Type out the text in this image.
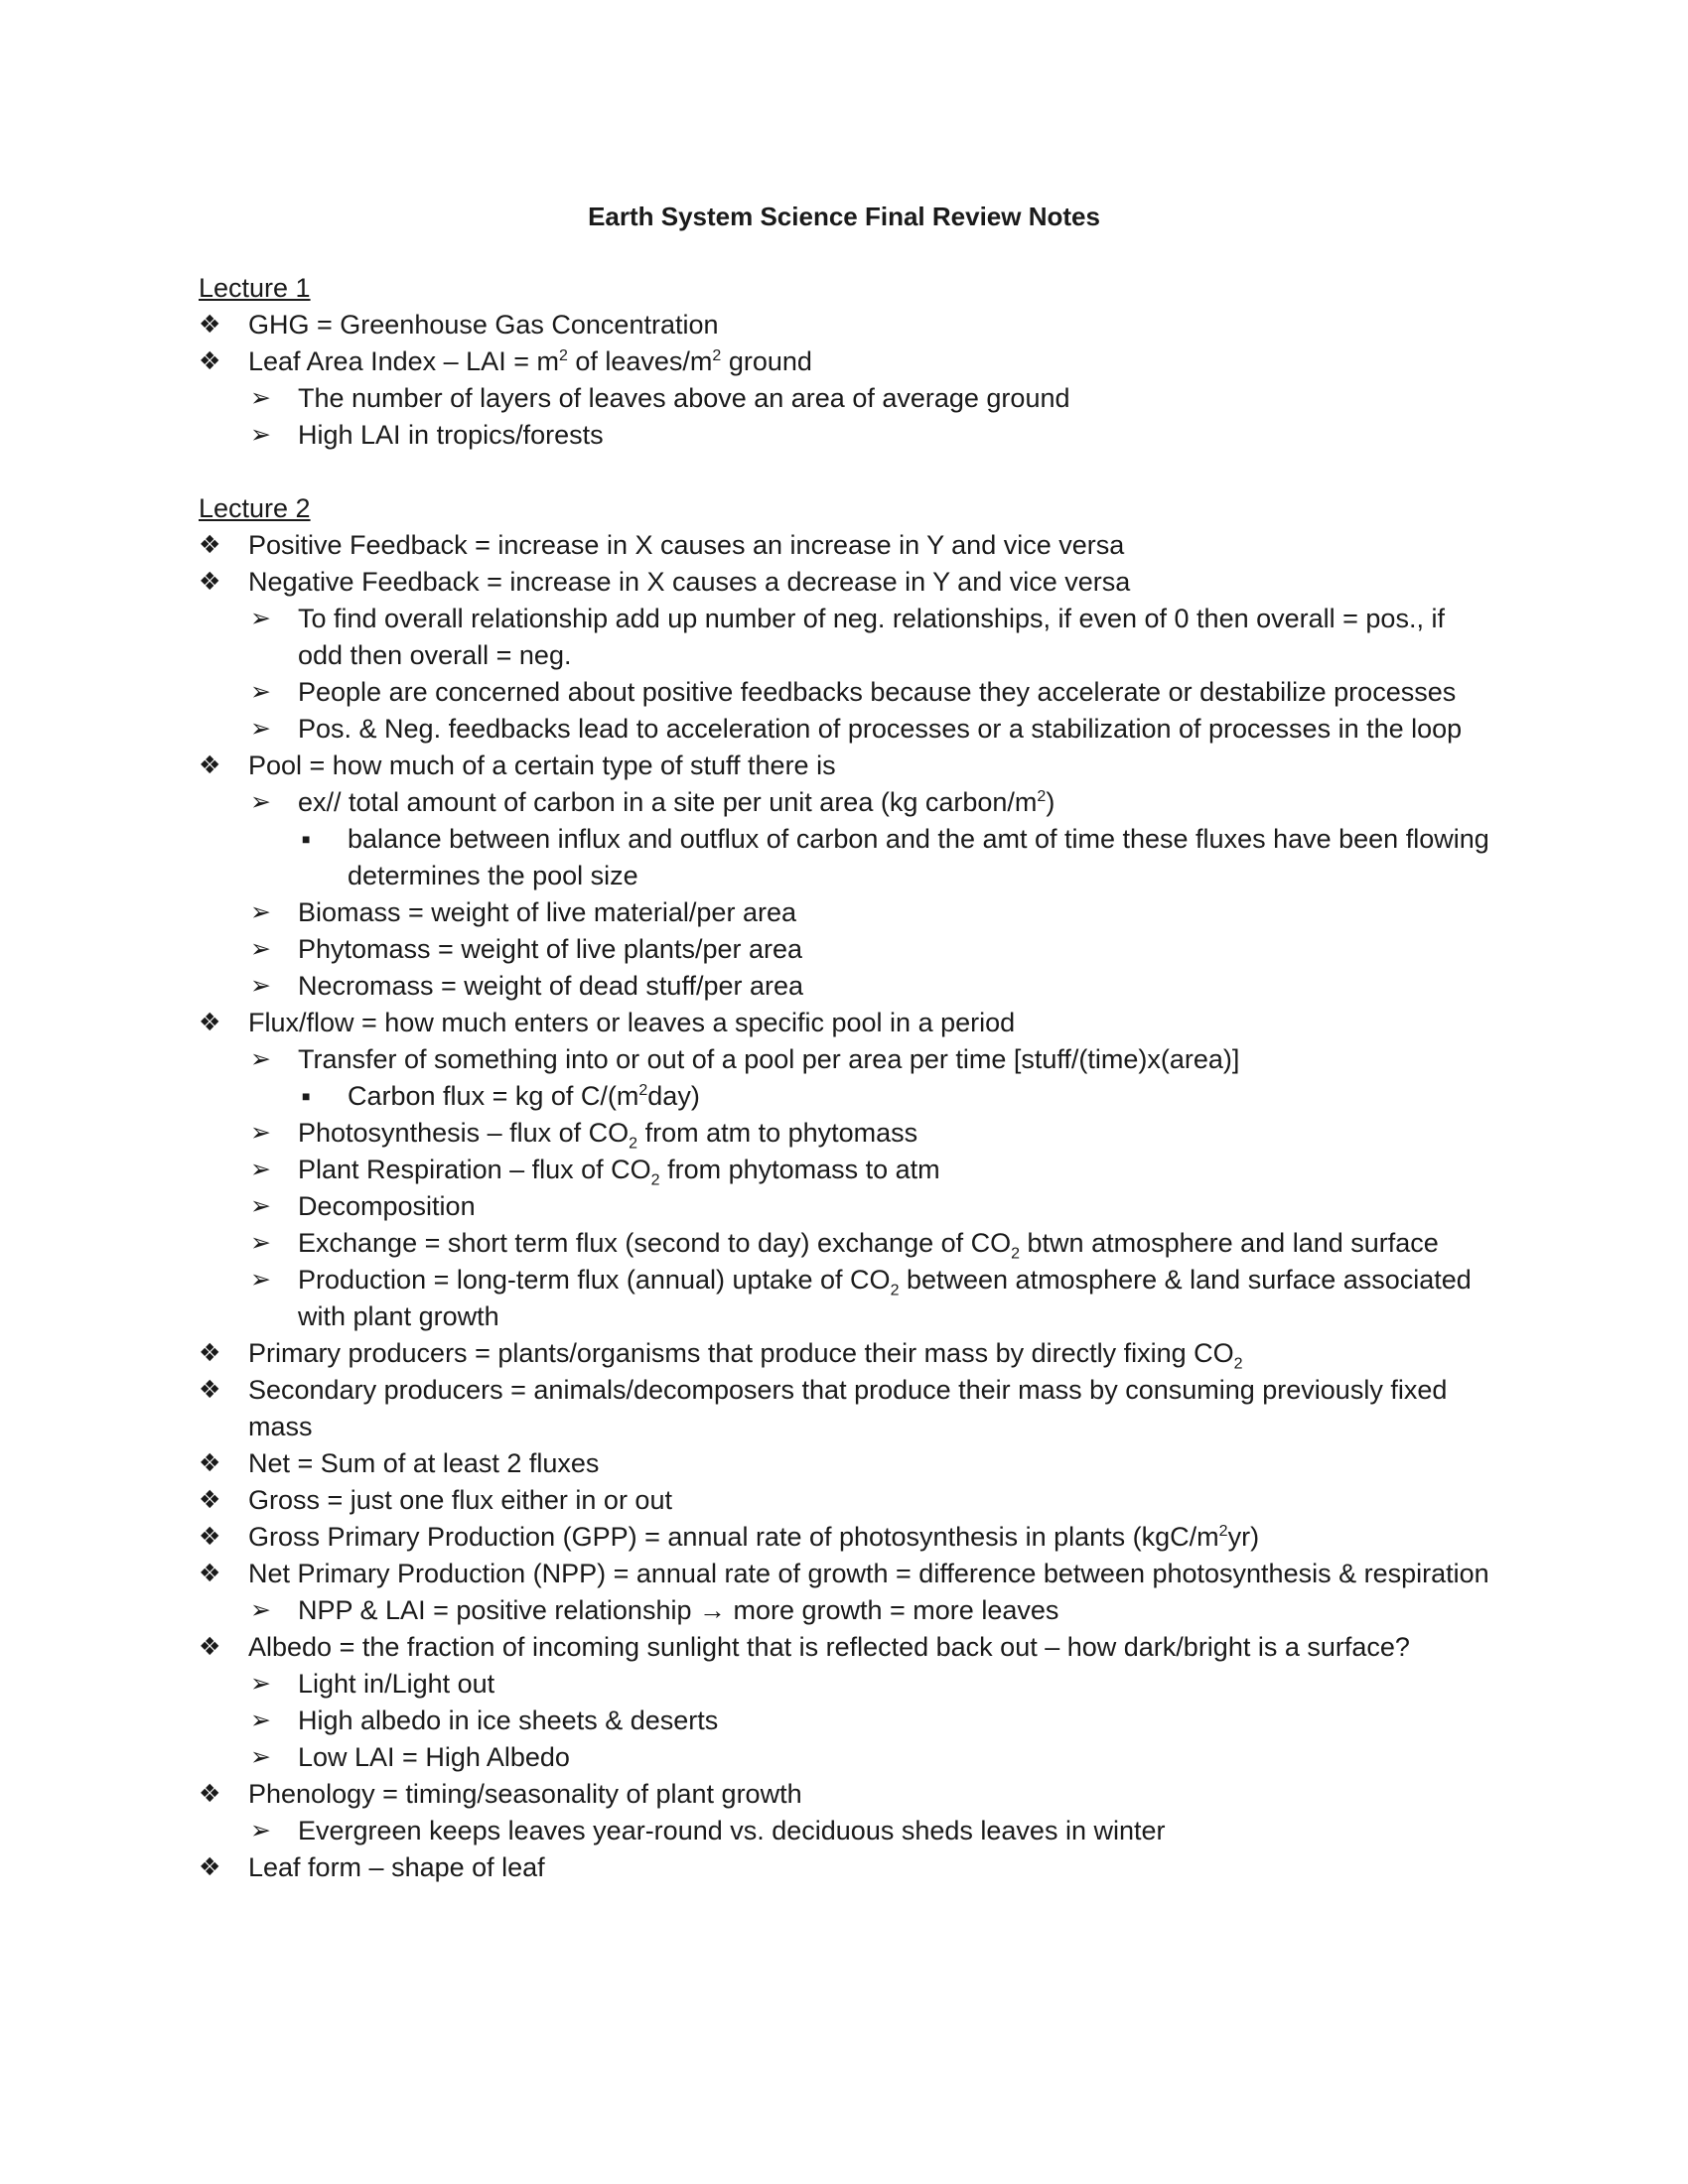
Earth System Science Final Review Notes

Lecture 1

❖ GHG = Greenhouse Gas Concentration
❖ Leaf Area Index – LAI = $m^2$ of leaves/$m^2$ ground
➢ The number of layers of leaves above an area of average ground
➢ High LAI in tropics/forests

Lecture 2

❖ Positive Feedback = increase in X causes an increase in Y and vice versa
❖ Negative Feedback = increase in X causes a decrease in Y and vice versa
➢ To find overall relationship add up number of neg. relationships, if even of 0 then overall = pos., if odd then overall = neg.
➢ People are concerned about positive feedbacks because they accelerate or destabilize processes
➢ Pos. & Neg. feedbacks lead to acceleration of processes or a stabilization of processes in the loop
❖ Pool = how much of a certain type of stuff there is
➢ ex// total amount of carbon in a site per unit area (kg carbon/$m^2$)
■ balance between influx and outflux of carbon and the amt of time these fluxes have been flowing determines the pool size
➢ Biomass = weight of live material/per area
➢ Phytomass = weight of live plants/per area
➢ Necromass = weight of dead stuff/per area
❖ Flux/flow = how much enters or leaves a specific pool in a period
➢ Transfer of something into or out of a pool per area per time [stuff/(time)x(area)]
■ Carbon flux = kg of $C/(m^2day)$
➢ Photosynthesis – flux of $CO_2$ from atm to phytomass
➢ Plant Respiration – flux of $CO_2$ from phytomass to atm
➢ Decomposition
➢ Exchange = short term flux (second to day) exchange of $CO_2$ btwn atmosphere and land surface
➢ Production = long-term flux (annual) uptake of $CO_2$ between atmosphere & land surface associated with plant growth
❖ Primary producers = plants/organisms that produce their mass by directly fixing $CO_2$
❖ Secondary producers = animals/decomposers that produce their mass by consuming previously fixed mass
❖ Net = Sum of at least 2 fluxes
❖ Gross = just one flux either in or out
❖ Gross Primary Production (GPP) = annual rate of photosynthesis in plants $(kgC/m^2yr)$
❖ Net Primary Production (NPP) = annual rate of growth = difference between photosynthesis & respiration
➢ NPP & LAI = positive relationship → more growth = more leaves
❖ Albedo = the fraction of incoming sunlight that is reflected back out – how dark/bright is a surface?
➢ Light in/Light out
➢ High albedo in ice sheets & deserts
➢ Low LAI = High Albedo
❖ Phenology = timing/seasonality of plant growth
➢ Evergreen keeps leaves year-round vs. deciduous sheds leaves in winter
❖ Leaf form – shape of leaf
